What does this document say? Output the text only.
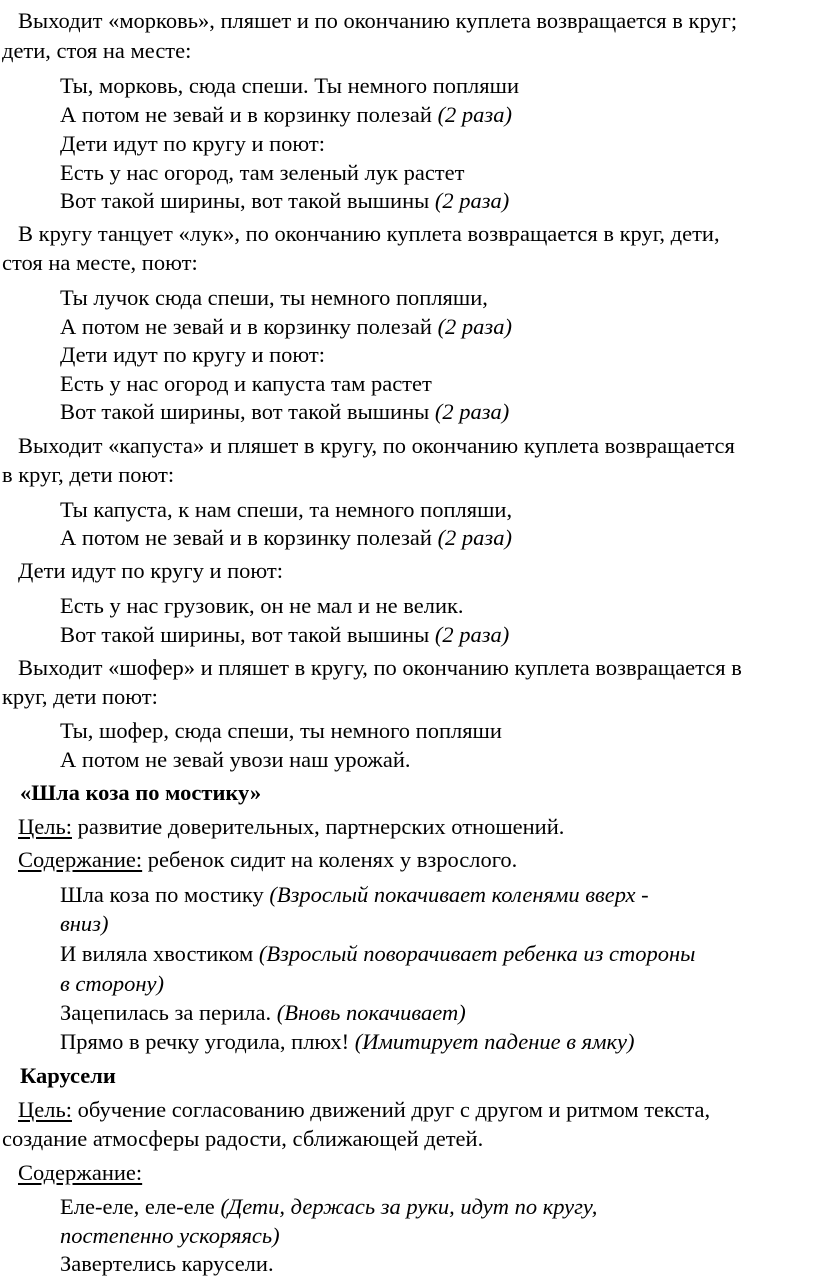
Выходит «морковь», пляшет и по окончанию куплета возвращается в круг;
дети, стоя на месте:
Ты, морковь, сюда спеши. Ты немного попляши
А потом не зевай и в корзинку полезай (2 раза)
Дети идут по кругу и поют:
Есть у нас огород, там зеленый лук растет
Вот такой ширины, вот такой вышины (2 раза)
В кругу танцует «лук», по окончанию куплета возвращается в круг, дети,
стоя на месте, поют:
Ты лучок сюда спеши, ты немного попляши,
А потом не зевай и в корзинку полезай (2 раза)
Дети идут по кругу и поют:
Есть у нас огород и капуста там растет
Вот такой ширины, вот такой вышины (2 раза)
Выходит «капуста» и пляшет в кругу, по окончанию куплета возвращается
в круг, дети поют:
Ты капуста, к нам спеши, та немного попляши,
А потом не зевай и в корзинку полезай (2 раза)
Дети идут по кругу и поют:
Есть у нас грузовик, он не мал и не велик.
Вот такой ширины, вот такой вышины (2 раза)
Выходит «шофер» и пляшет в кругу, по окончанию куплета возвращается в
круг, дети поют:
Ты, шофер, сюда спеши, ты немного попляши
А потом не зевай увози наш урожай.
«Шла коза по мостику»
Цель: развитие доверительных, партнерских отношений.
Содержание: ребенок сидит на коленях у взрослого.
Шла коза по мостику (Взрослый покачивает коленями вверх -
вниз)
И виляла хвостиком (Взрослый поворачивает ребенка из стороны
в сторону)
Зацепилась за перила. (Вновь покачивает)
Прямо в речку угодила, плюх! (Имитирует падение в ямку)
Карусели
Цель: обучение согласованию движений друг с другом и ритмом текста,
создание атмосферы радости, сближающей детей.
Содержание:
Еле-еле, еле-еле (Дети, держась за руки, идут по кругу,
постепенно ускоряясь)
Завертелись карусели.
